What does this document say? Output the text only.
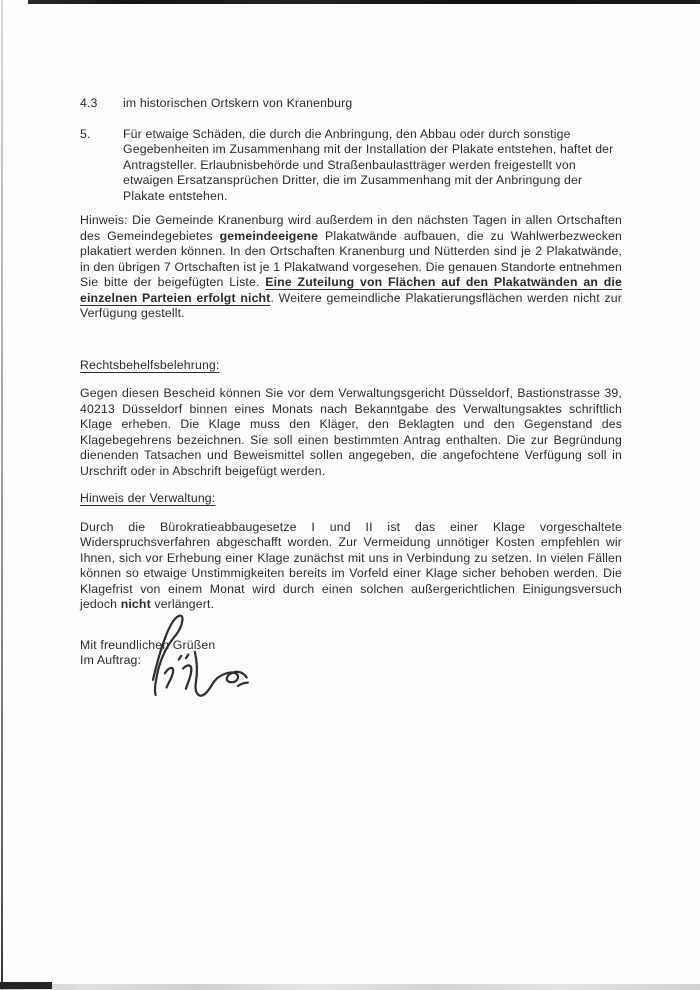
4.3	im historischen Ortskern von Kranenburg
5.	Für etwaige Schäden, die durch die Anbringung, den Abbau oder durch sonstige Gegebenheiten im Zusammenhang mit der Installation der Plakate entstehen, haftet der Antragsteller. Erlaubnisbehörde und Straßenbaulastträger werden freigestellt von etwaigen Ersatzansprüchen Dritter, die im Zusammenhang mit der Anbringung der Plakate entstehen.

Hinweis: Die Gemeinde Kranenburg wird außerdem in den nächsten Tagen in allen Ortschaften des Gemeindegebietes gemeindeeigene Plakatwände aufbauen, die zu Wahlwerbezwecken plakatiert werden können. In den Ortschaften Kranenburg und Nütterden sind je 2 Plakatwände, in den übrigen 7 Ortschaften ist je 1 Plakatwand vorgesehen. Die genauen Standorte entnehmen Sie bitte der beigefügten Liste. Eine Zuteilung von Flächen auf den Plakatwänden an die einzelnen Parteien erfolgt nicht. Weitere gemeindliche Plakatierungsflächen werden nicht zur Verfügung gestellt.

Rechtsbehelfsbelehrung:

Gegen diesen Bescheid können Sie vor dem Verwaltungsgericht Düsseldorf, Bastionstrasse 39, 40213 Düsseldorf binnen eines Monats nach Bekanntgabe des Verwaltungsaktes schriftlich Klage erheben. Die Klage muss den Kläger, den Beklagten und den Gegenstand des Klagebegehrens bezeichnen. Sie soll einen bestimmten Antrag enthalten. Die zur Begründung dienenden Tatsachen und Beweismittel sollen angegeben, die angefochtene Verfügung soll in Urschrift oder in Abschrift beigefügt werden.

Hinweis der Verwaltung:

Durch die Bürokratieabbaugesetze I und II ist das einer Klage vorgeschaltete Widerspruchsverfahren abgeschafft worden. Zur Vermeidung unnötiger Kosten empfehlen wir Ihnen, sich vor Erhebung einer Klage zunächst mit uns in Verbindung zu setzen. In vielen Fällen können so etwaige Unstimmigkeiten bereits im Vorfeld einer Klage sicher behoben werden. Die Klagefrist von einem Monat wird durch einen solchen außergerichtlichen Einigungsversuch jedoch nicht verlängert.

Mit freundlichen Grüßen
Im Auftrag:
